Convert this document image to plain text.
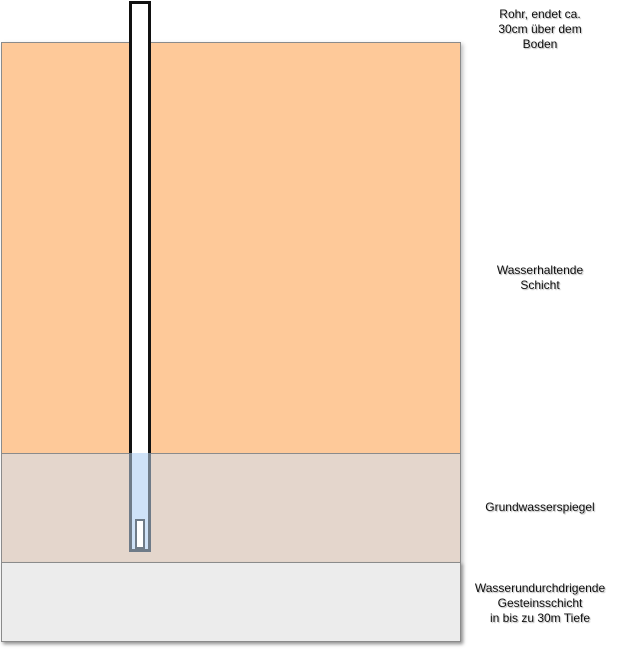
Rohr, endet ca.
30cm über dem
Boden
Wasserhaltende
Schicht
Grundwasserspiegel
Wasserundurchdrigende
Gesteinsschicht
in bis zu 30m Tiefe
